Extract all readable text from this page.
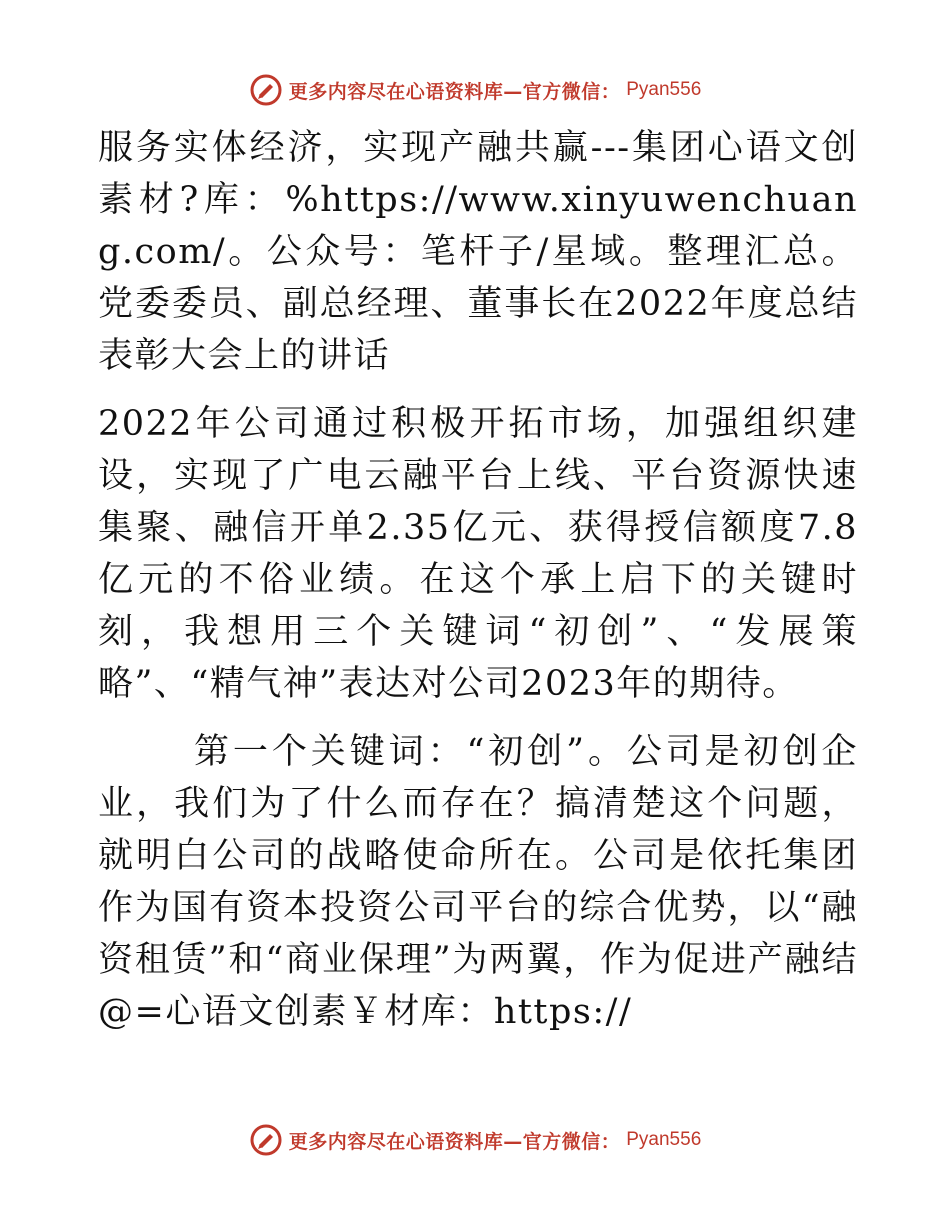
更多内容尽在心语资料库—官方微信： Pyan556

服务实体经济，实现产融共赢---集团心语文创素材?库：%https://www.xinyuwenchuang.com/。公众号：笔杆子/星域。整理汇总。党委委员、副总经理、董事长在2022年度总结表彰大会上的讲话

2022年公司通过积极开拓市场，加强组织建设，实现了广电云融平台上线、平台资源快速集聚、融信开单2.35亿元、获得授信额度7.8亿元的不俗业绩。在这个承上启下的关键时刻，我想用三个关键词“初创”、“发展策略”、“精气神”表达对公司2023年的期待。

第一个关键词：“初创”。公司是初创企业，我们为了什么而存在？搞清楚这个问题，就明白公司的战略使命所在。公司是依托集团作为国有资本投资公司平台的综合优势，以“融资租赁”和“商业保理”为两翼，作为促进产融结@=心语文创素￥材库：https://

更多内容尽在心语资料库—官方微信： Pyan556
